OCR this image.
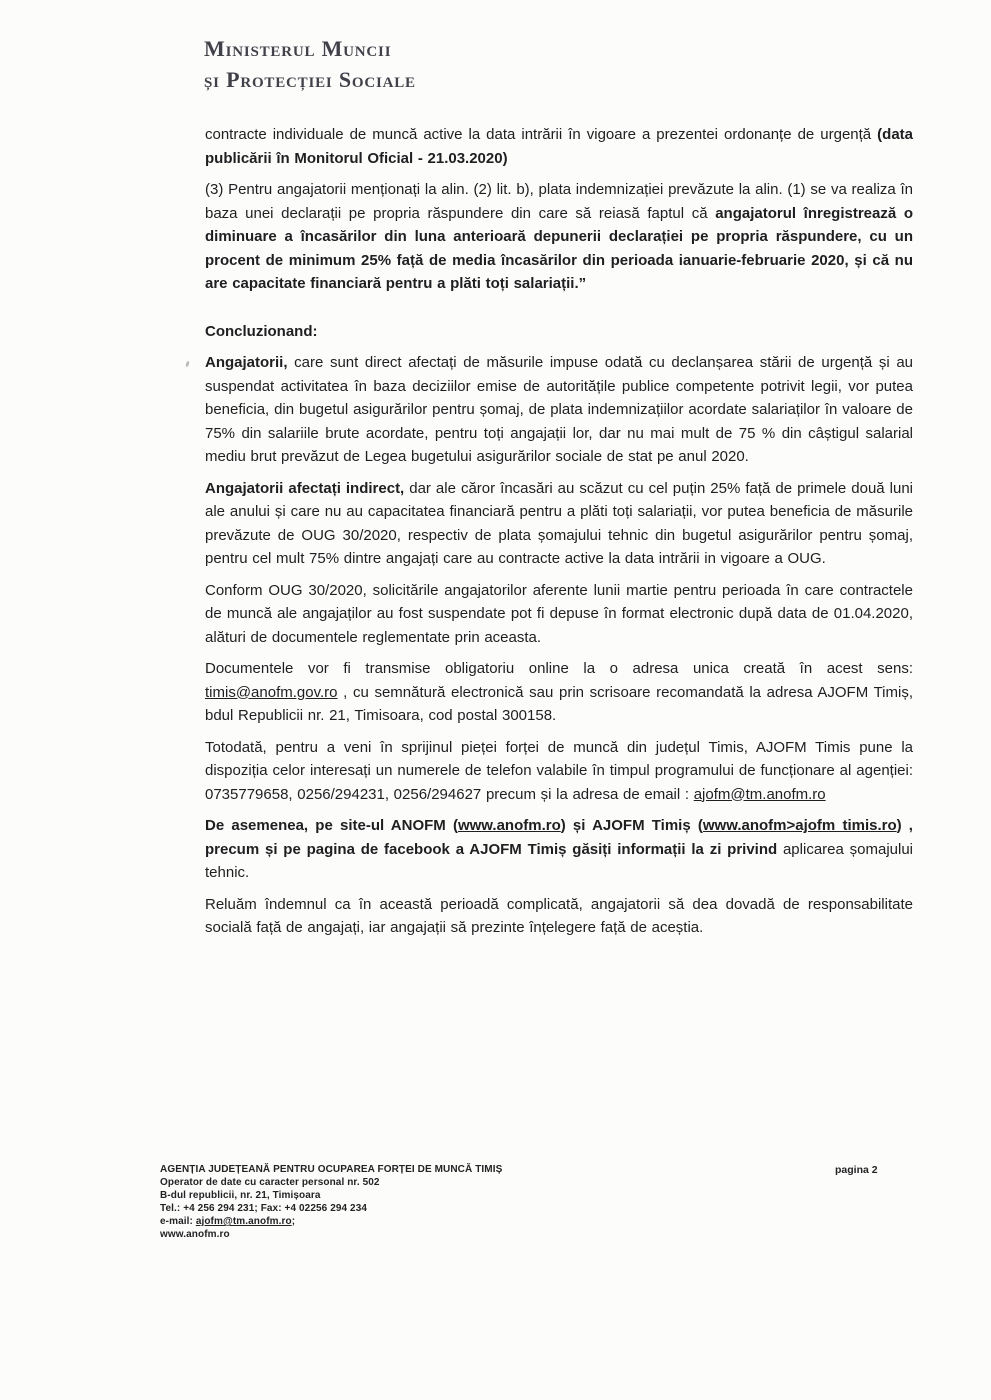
Ministerul Muncii
și Protecției Sociale

contracte individuale de muncă active la data intrării în vigoare a prezentei ordonanțe de urgență (data publicării în Monitorul Oficial - 21.03.2020)

(3) Pentru angajatorii menționați la alin. (2) lit. b), plata indemnizației prevăzute la alin. (1) se va realiza în baza unei declarații pe propria răspundere din care să reiasă faptul că angajatorul înregistrează o diminuare a încasărilor din luna anterioară depunerii declarației pe propria răspundere, cu un procent de minimum 25% față de media încasărilor din perioada ianuarie-februarie 2020, și că nu are capacitate financiară pentru a plăti toți salariații.”

Concluzionand:

Angajatorii, care sunt direct afectați de măsurile impuse odată cu declanșarea stării de urgență și au suspendat activitatea în baza deciziilor emise de autoritățile publice competente potrivit legii, vor putea beneficia, din bugetul asigurărilor pentru șomaj, de plata indemnizațiilor acordate salariaților în valoare de 75% din salariile brute acordate, pentru toți angajații lor, dar nu mai mult de 75 % din câștigul salarial mediu brut prevăzut de Legea bugetului asigurărilor sociale de stat pe anul 2020.

Angajatorii afectați indirect, dar ale căror încasări au scăzut cu cel puțin 25% față de primele două luni ale anului și care nu au capacitatea financiară pentru a plăti toți salariații, vor putea beneficia de măsurile prevăzute de OUG 30/2020, respectiv de plata șomajului tehnic din bugetul asigurărilor pentru șomaj, pentru cel mult 75% dintre angajați care au contracte active la data intrării in vigoare a OUG.

Conform OUG 30/2020, solicitările angajatorilor aferente lunii martie pentru perioada în care contractele de muncă ale angajaților au fost suspendate pot fi depuse în format electronic după data de 01.04.2020, alături de documentele reglementate prin aceasta.

Documentele vor fi transmise obligatoriu online la o adresa unica creată în acest sens: timis@anofm.gov.ro , cu semnătură electronică sau prin scrisoare recomandată la adresa AJOFM Timiș, bdul Republicii nr. 21, Timisoara, cod postal 300158.

Totodată, pentru a veni în sprijinul pieței forței de muncă din județul Timis, AJOFM Timis pune la dispoziția celor interesați un numerele de telefon valabile în timpul programului de funcționare al agenției: 0735779658, 0256/294231, 0256/294627 precum și la adresa de email : ajofm@tm.anofm.ro

De asemenea, pe site-ul ANOFM (www.anofm.ro) și AJOFM Timiș (www.anofm>ajofm timis.ro) , precum și pe pagina de facebook a AJOFM Timiș găsiți informații la zi privind aplicarea șomajului tehnic.

Reluăm îndemnul ca în această perioadă complicată, angajatorii să dea dovadă de responsabilitate socială față de angajați, iar angajații să prezinte înțelegere față de aceștia.

AGENȚIA JUDEȚEANĂ PENTRU OCUPAREA FORȚEI DE MUNCĂ TIMIȘ
Operator de date cu caracter personal nr. 502
B-dul republicii, nr. 21, Timișoara
Tel.: +4 256 294 231; Fax: +4 02256 294 234
e-mail: ajofm@tm.anofm.ro;
www.anofm.ro
pagina 2
